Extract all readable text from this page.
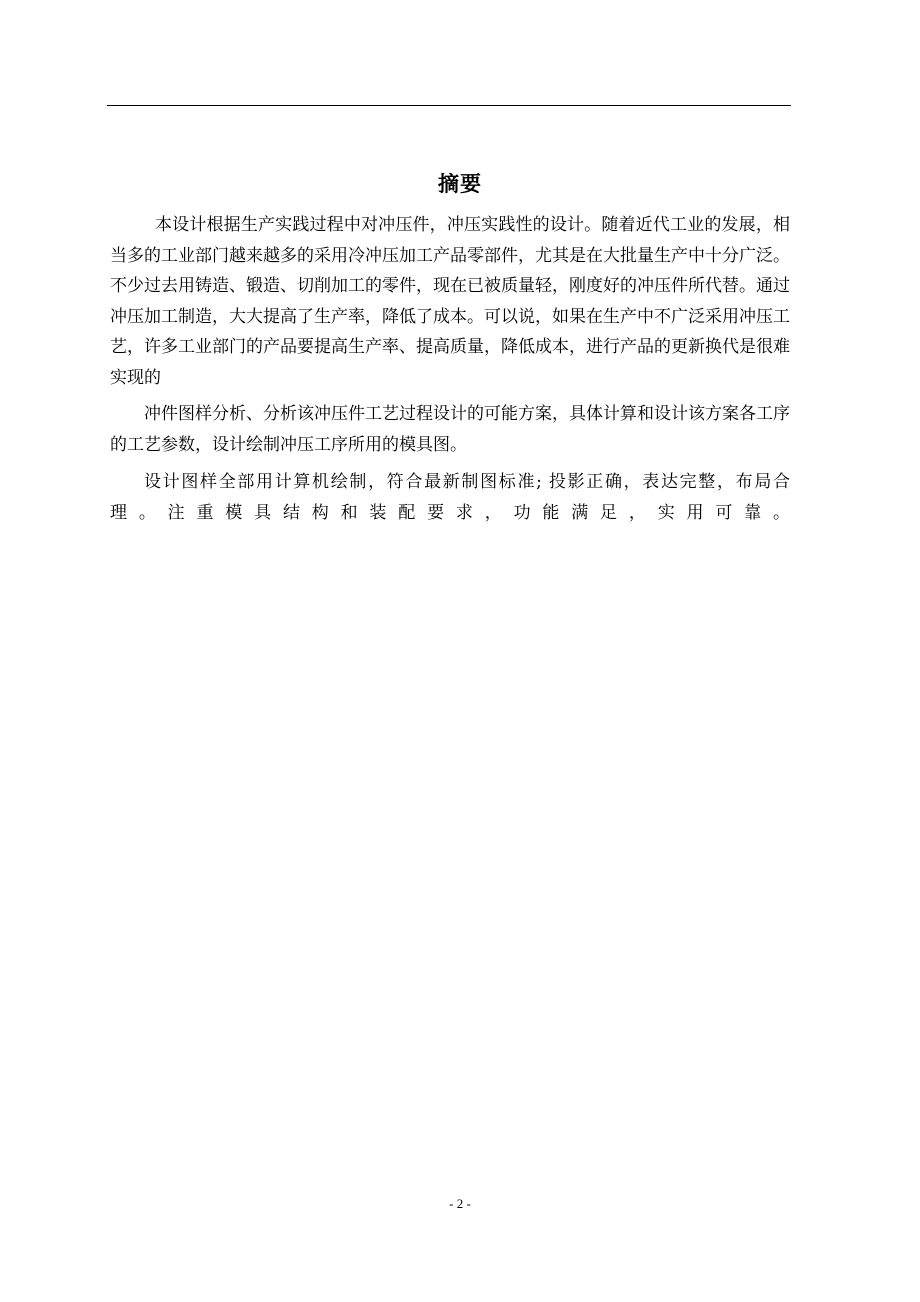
摘要

本设计根据生产实践过程中对冲压件，冲压实践性的设计。随着近代工业的发展，相当多的工业部门越来越多的采用冷冲压加工产品零部件，尤其是在大批量生产中十分广泛。不少过去用铸造、锻造、切削加工的零件，现在已被质量轻，刚度好的冲压件所代替。通过冲压加工制造，大大提高了生产率，降低了成本。可以说，如果在生产中不广泛采用冲压工艺，许多工业部门的产品要提高生产率、提高质量，降低成本，进行产品的更新换代是很难实现的

冲件图样分析、分析该冲压件工艺过程设计的可能方案，具体计算和设计该方案各工序的工艺参数，设计绘制冲压工序所用的模具图。

设计图样全部用计算机绘制，符合最新制图标准; 投影正确，表达完整，布局合

理。注重模具结构和装配要求，功能满足，实用可靠。

- 2 -
